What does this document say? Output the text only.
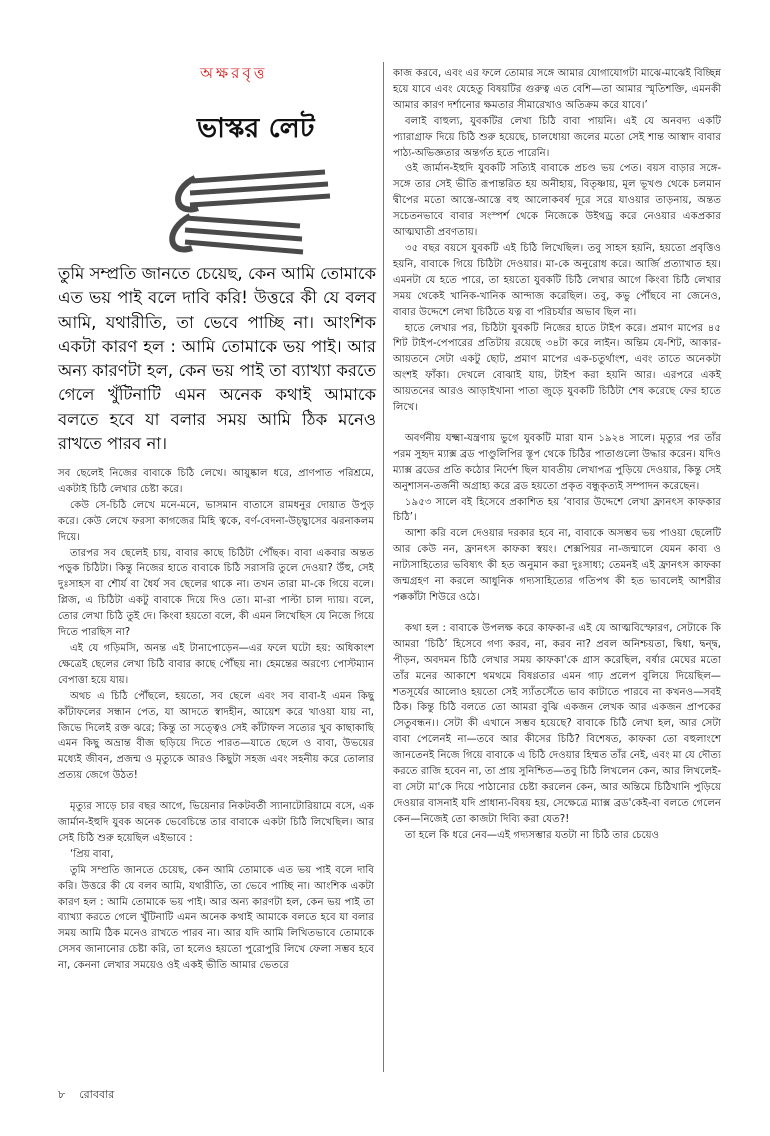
অক্ষরবৃত্ত
ভাস্কর লেট
তুমি সম্প্রতি জানতে চেয়েছ, কেন আমি তোমাকে এত ভয় পাই বলে দাবি করি! উত্তরে কী যে বলব আমি, যথারীতি, তা ভেবে পাচ্ছি না। আংশিক একটা কারণ হল : আমি তোমাকে ভয় পাই। আর অন্য কারণটা হল, কেন ভয় পাই তা ব্যাখ্যা করতে গেলে খুঁটিনাটি এমন অনেক কথাই আমাকে বলতে হবে যা বলার সময় আমি ঠিক মনেও রাখতে পারব না।

সব ছেলেই নিজের বাবাকে চিঠি লেখে। আয়ুষ্কাল ধরে, প্রাণপাত পরিশ্রমে, একটাই চিঠি লেখার চেষ্টা করে।

কেউ সে-চিঠি লেখে মনে-মনে, ভাসমান বাতাসে রামধনুর দোয়াত উপুড় করে। কেউ লেখে ফরসা কাগজের মিহি ত্বকে, বর্ণ-বেদনা-উচ্ছ্বাসের ঝরনাকলম দিয়ে।

তারপর সব ছেলেই চায়, বাবার কাছে চিঠিটা পৌঁছক। বাবা একবার অন্তত পড়ুক চিঠিটা। কিন্তু নিজের হাতে বাবাকে চিঠি সরাসরি তুলে দেওয়া? উঁহু, সেই দুঃসাহস বা শৌর্য বা ধৈর্য সব ছেলের থাকে না। তখন তারা মা-কে গিয়ে বলে। প্লিজ, এ চিঠিটা একটু বাবাকে দিয়ে দিও তো। মা-রা পাল্টা চাল দ্যায়। বলে, তোর লেখা চিঠি তুই দে। কিংবা হয়তো বলে, কী এমন লিখেছিস যে নিজে গিয়ে দিতে পারছিস না?

এই যে গড়িমসি, অনন্ত এই টানাপোড়েন—এর ফলে ঘটো হয়: অধিকাংশ ক্ষেত্রেই ছেলের লেখা চিঠি বাবার কাছে পৌঁছয় না। হেমন্তের অরণ্যে পোস্টম্যান বেপাত্তা হয়ে যায়।

অথচ এ চিঠি পৌঁছলে, হয়তো, সব ছেলে এবং সব বাবা-ই এমন কিছু কাঁটাফলের সন্ধান পেত, যা আদতে স্বাদহীন, আয়েশ করে খাওয়া যায় না, জিভে দিলেই রক্ত ঝরে; কিন্তু তা সত্ত্বেও সেই কাঁটাফল সত্যের খুব কাছাকাছি এমন কিছু অভ্রান্ত বীজ ছড়িয়ে দিতে পারত—যাতে ছেলে ও বাবা, উভয়ের মধ্যেই জীবন, প্রজন্ম ও মৃত্যুকে আরও কিছুটা সহজ এবং সহনীয় করে তোলার প্রত্যয় জেগে উঠত!

মৃত্যুর সাড়ে চার বছর আগে, ভিয়েনার নিকটবর্তী স্যানাটোরিয়ামে বসে, এক জার্মান-ইহুদি যুবক অনেক ভেবেচিন্তে তার বাবাকে একটা চিঠি লিখেছিল। আর সেই চিঠি শুরু হয়েছিল এইভাবে :

‘প্রিয় বাবা,

তুমি সম্প্রতি জানতে চেয়েছ, কেন আমি তোমাকে এত ভয় পাই বলে দাবি করি। উত্তরে কী যে বলব আমি, যথারীতি, তা ভেবে পাচ্ছি না। আংশিক একটা কারণ হল : আমি তোমাকে ভয় পাই। আর অন্য কারণটা হল, কেন ভয় পাই তা ব্যাখ্যা করতে গেলে খুঁটিনাটি এমন অনেক কথাই আমাকে বলতে হবে যা বলার সময় আমি ঠিক মনেও রাখতে পারব না। আর যদি আমি লিখিতভাবে তোমাকে সেসব জানানোর চেষ্টা করি, তা হলেও হয়তো পুরোপুরি লিখে ফেলা সম্ভব হবে না, কেননা লেখার সময়েও ওই একই ভীতি আমার ভেতরে

কাজ করবে, এবং এর ফলে তোমার সঙ্গে আমার যোগাযোগটা মাঝে-মাঝেই বিচ্ছিন্ন হয়ে যাবে এবং যেহেতু বিষয়টির গুরুত্ব এত বেশি—তা আমার স্মৃতিশক্তি, এমনকী আমার কারণ দর্শানোর ক্ষমতার সীমারেখাও অতিক্রম করে যাবে।’

বলাই বাহুল্য, যুবকটির লেখা চিঠি বাবা পায়নি। এই যে অনবদ্য একটি প্যারাগ্রাফ দিয়ে চিঠি শুরু হয়েছে, চালধোয়া জলের মতো সেই শান্ত আস্বাদ বাবার পাঠ্য-অভিজ্ঞতার অন্তর্গত হতে পারেনি।

ওই জার্মান-ইহুদি যুবকটি সত্যিই বাবাকে প্রচণ্ড ভয় পেত। বয়স বাড়ার সঙ্গে-সঙ্গে তার সেই ভীতি রূপান্তরিত হয় অনীহায়, বিতৃষ্ণায়, মূল ভূখণ্ড থেকে চলমান দ্বীপের মতো আস্তে-আস্তে বহু আলোকবর্ষ দূরে সরে যাওয়ার তাড়নায়, অন্তত সচেতনভাবে বাবার সংস্পর্শ থেকে নিজেকে উইথড্র করে নেওয়ার একপ্রকার আত্মঘাতী প্রবণতায়।

৩৫ বছর বয়সে যুবকটি এই চিঠি লিখেছিল। তবু সাহস হয়নি, হয়তো প্রবৃত্তিও হয়নি, বাবাকে গিয়ে চিঠিটা দেওয়ার। মা-কে অনুরোধ করে। আর্জি প্রত্যাখাত হয়। এমনটা যে হতে পারে, তা হয়তো যুবকটি চিঠি লেখার আগে কিংবা চিঠি লেখার সময় থেকেই খানিক-খানিক আন্দাজ করেছিল। তবু, কভু পৌঁছবে না জেনেও, বাবার উদ্দেশে লেখা চিঠিতে যত্ন বা পরিচর্যার অভাব ছিল না।

হাতে লেখার পর, চিঠিটা যুবকটি নিজের হাতে টাইপ করে। প্রমাণ মাপের ৪৫ শিট টাইপ-পেপারের প্রতিটায় রয়েছে ৩৪টা করে লাইন। অন্তিম যে-শিট, আকার-আয়তনে সেটা একটু ছোট, প্রমাণ মাপের এক-চতুর্থাংশ, এবং তাতে অনেকটা অংশই ফাঁকা। দেখলে বোঝাই যায়, টাইপ করা হয়নি আর। এরপরে একই আয়তনের আরও আড়াইখানা পাতা জুড়ে যুবকটি চিঠিটা শেষ করেছে ফের হাতে লিখে।

অবর্ণনীয় যক্ষ্মা-যন্ত্রণায় ভুগে যুবকটি মারা যান ১৯২৪ সালে। মৃত্যুর পর তাঁর পরম সুহৃদ ম্যাক্স ব্রড পাণ্ডুলিপির স্তূপ থেকে চিঠির পাতাগুলো উদ্ধার করেন। যদিও ম্যাক্স ব্রডের প্রতি কঠোর নির্দেশ ছিল যাবতীয় লেখাপত্র পুড়িয়ে দেওয়ার, কিন্তু সেই অনুশাসন-তর্জনী অগ্রাহ্য করে ব্রড হয়তো প্রকৃত বন্ধুকৃত্যই সম্পাদন করেছেন।

১৯৫৩ সালে বই হিসেবে প্রকাশিত হয় ‘বাবার উদ্দেশে লেখা ফ্রানৎস কাফকার চিঠি’।

আশা করি বলে দেওয়ার দরকার হবে না, বাবাকে অসম্ভব ভয় পাওয়া ছেলেটি আর কেউ নন, ফ্রানৎস কাফকা স্বয়ং। শেক্সপিয়র না-জন্মালে যেমন কাব্য ও নাট্যসাহিত্যের ভবিষ্যৎ কী হত অনুমান করা দুঃসাধ্য; তেমনই এই ফ্রানৎস কাফকা জন্মগ্রহণ না করলে আধুনিক গদ্যসাহিত্যের গতিপথ কী হত ভাবলেই আশরীর পক্ককাঁটা শিউরে ওঠে।

কথা হল : বাবাকে উপলক্ষ করে কাফকা-র এই যে আত্মবিস্ফোরণ, সেটাকে কি আমরা ‘চিঠি’ হিসেবে গণ্য করব, না, করব না? প্রবল অনিশ্চয়তা, দ্বিধা, দ্বন্দ্ব, পীড়ন, অবদমন চিঠি লেখার সময় কাফকা'কে গ্রাস করেছিল, বর্ষার মেঘের মতো তাঁর মনের আকাশে থমথমে বিষণ্ণতার এমন গাঢ় প্রলেপ বুলিয়ে দিয়েছিল—শতসূর্যের আলোও হয়তো সেই স্যাঁতসেঁতে ভাব কাটাতে পারবে না কখনও—সবই ঠিক। কিন্তু চিঠি বলতে তো আমরা বুঝি একজন লেখক আর একজন প্রাপকের সেতুবন্ধন।। সেটা কী এখানে সম্ভব হয়েছে? বাবাকে চিঠি লেখা হল, আর সেটা বাবা পেলেনই না—তবে আর কীসের চিঠি? বিশেষত, কাফকা তো বহুলাংশে জানতেনই নিজে গিয়ে বাবাকে এ চিঠি দেওয়ার হিম্মত তাঁর নেই, এবং মা যে দৌত্য করতে রাজি হবেন না, তা প্রায় সুনিশ্চিত—তবু চিঠি লিখলেন কেন, আর লিখলেই-বা সেটা মা'কে দিয়ে পাঠানোর চেষ্টা করলেন কেন, আর অন্তিমে চিঠিখানি পুড়িয়ে দেওয়ার বাসনাই যদি প্রাধান্য-বিষয় হয়, সেক্ষেত্রে ম্যাক্স ব্রড'কেই-বা বলতে গেলেন কেন—নিজেই তো কাজটা দিব্যি করা যেত?!

তা হলে কি ধরে নেব—এই গদ্যসম্ভার যতটা না চিঠি তার চেয়েও

৮ রোববার
